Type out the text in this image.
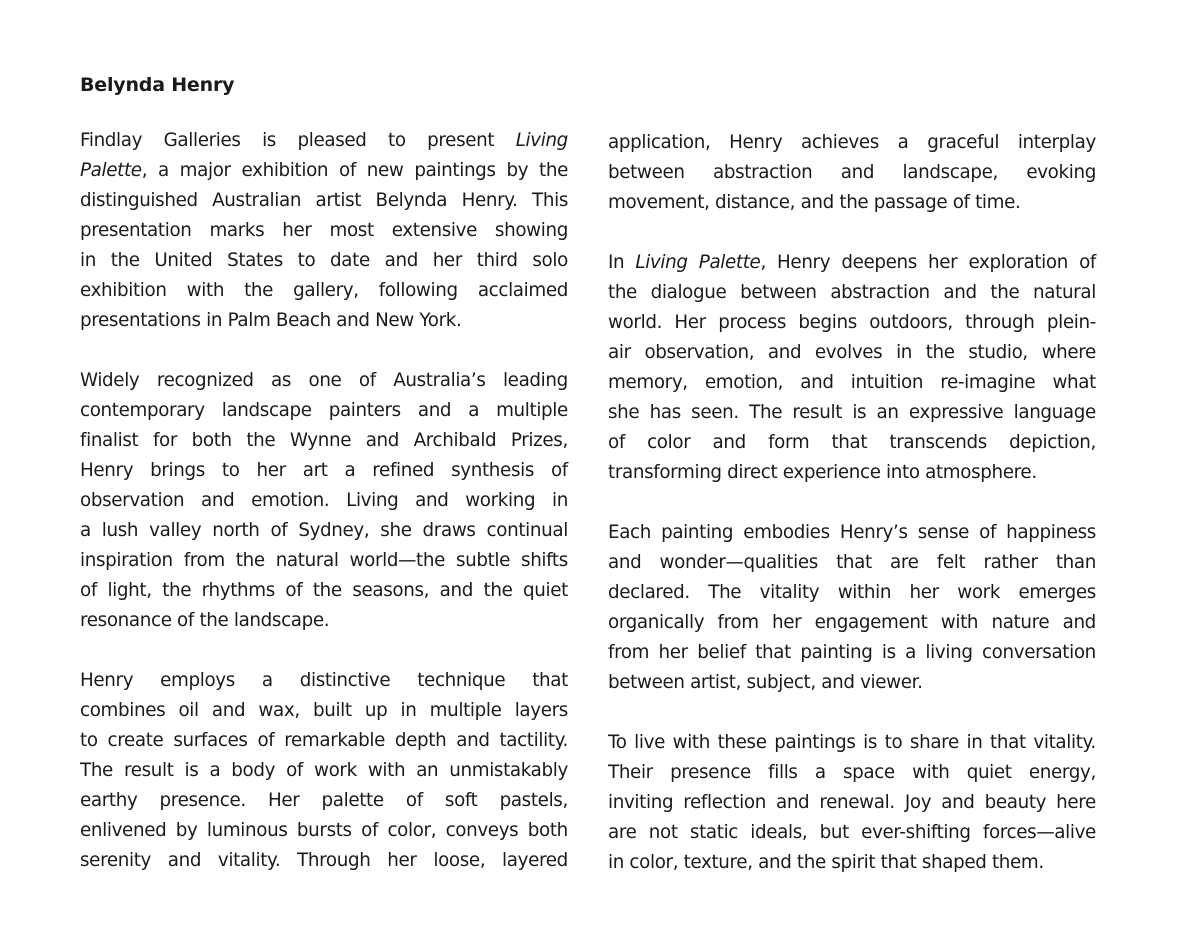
Belynda Henry
Findlay Galleries is pleased to present Living
Palette, a major exhibition of new paintings by the
distinguished Australian artist Belynda Henry. This
presentation marks her most extensive showing
in the United States to date and her third solo
exhibition with the gallery, following acclaimed
presentations in Palm Beach and New York.
Widely recognized as one of Australia’s leading
contemporary landscape painters and a multiple
finalist for both the Wynne and Archibald Prizes,
Henry brings to her art a refined synthesis of
observation and emotion. Living and working in
a lush valley north of Sydney, she draws continual
inspiration from the natural world—the subtle shifts
of light, the rhythms of the seasons, and the quiet
resonance of the landscape.
Henry employs a distinctive technique that
combines oil and wax, built up in multiple layers
to create surfaces of remarkable depth and tactility.
The result is a body of work with an unmistakably
earthy presence. Her palette of soft pastels,
enlivened by luminous bursts of color, conveys both
serenity and vitality. Through her loose, layered
application, Henry achieves a graceful interplay
between abstraction and landscape, evoking
movement, distance, and the passage of time.
In Living Palette, Henry deepens her exploration of
the dialogue between abstraction and the natural
world. Her process begins outdoors, through plein-
air observation, and evolves in the studio, where
memory, emotion, and intuition re-imagine what
she has seen. The result is an expressive language
of color and form that transcends depiction,
transforming direct experience into atmosphere.
Each painting embodies Henry’s sense of happiness
and wonder—qualities that are felt rather than
declared. The vitality within her work emerges
organically from her engagement with nature and
from her belief that painting is a living conversation
between artist, subject, and viewer.
To live with these paintings is to share in that vitality.
Their presence fills a space with quiet energy,
inviting reflection and renewal. Joy and beauty here
are not static ideals, but ever-shifting forces—alive
in color, texture, and the spirit that shaped them.
